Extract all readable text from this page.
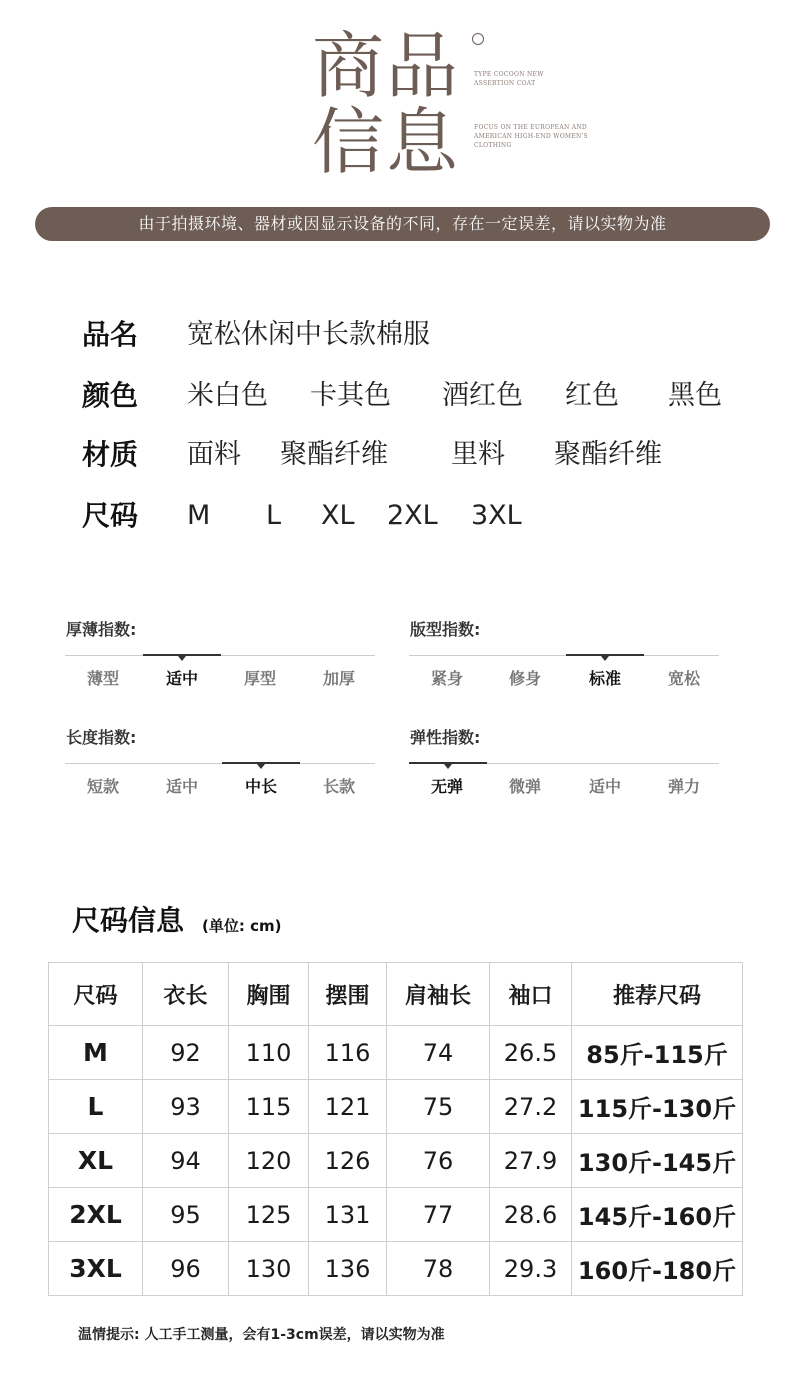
商品
信息
TYPE COCOON NEW ASSERTION COAT
FOCUS ON THE EUROPEAN AND AMERICAN HIGH-END WOMEN'S CLOTHING
由于拍摄环境、器材或因显示设备的不同，存在一定误差，请以实物为准
品名 宽松休闲中长款棉服
颜色 米白色 卡其色 酒红色 红色 黑色
材质 面料 聚酯纤维 里料 聚酯纤维
尺码 M L XL 2XL 3XL
厚薄指数:
薄型	适中	厚型	加厚
版型指数:
紧身	修身	标准	宽松
长度指数:
短款	适中	中长	长款
弹性指数:
无弹	微弹	适中	弹力
尺码信息 (单位: cm)
尺码	衣长	胸围	摆围	肩袖长	袖口	推荐尺码
M	92	110	116	74	26.5	85斤-115斤
L	93	115	121	75	27.2	115斤-130斤
XL	94	120	126	76	27.9	130斤-145斤
2XL	95	125	131	77	28.6	145斤-160斤
3XL	96	130	136	78	29.3	160斤-180斤
温情提示: 人工手工测量，会有1-3cm误差，请以实物为准
